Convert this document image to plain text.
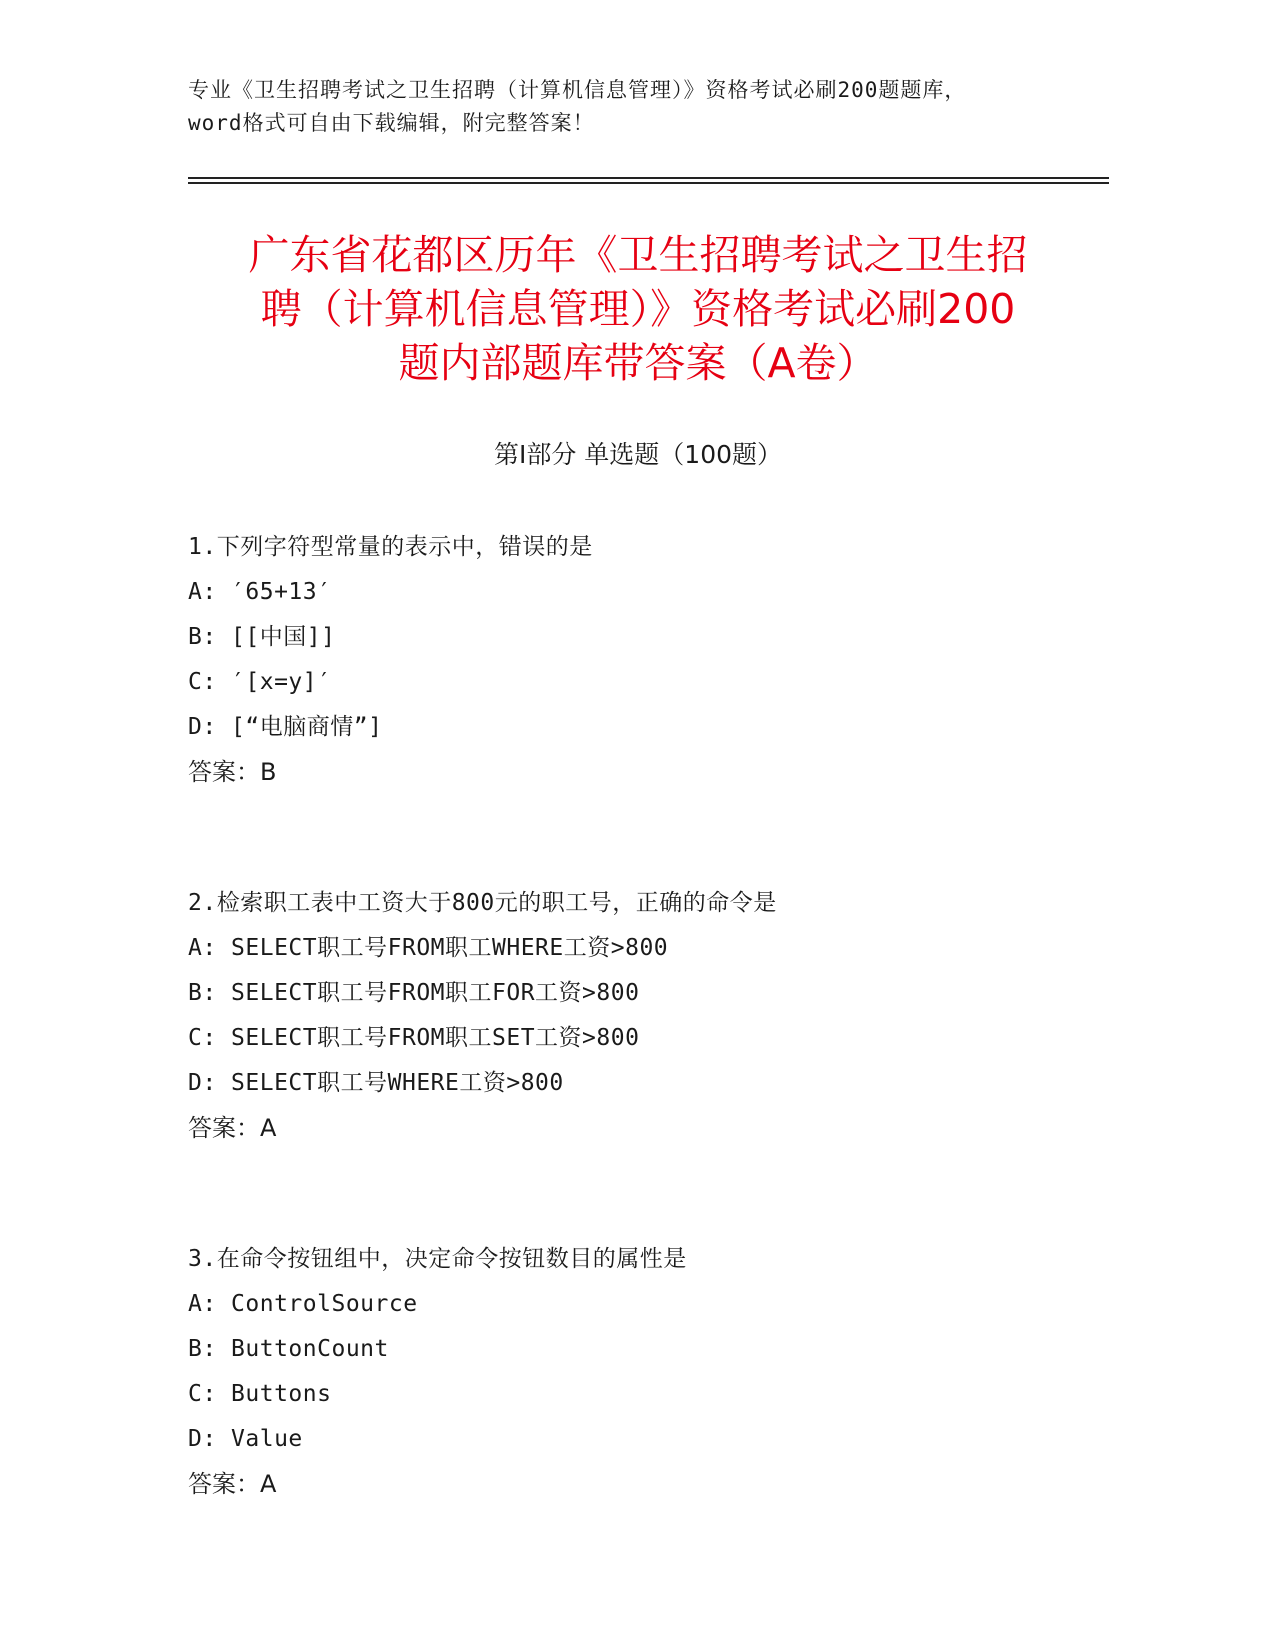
专业《卫生招聘考试之卫生招聘（计算机信息管理）》资格考试必刷200题题库，
word格式可自由下载编辑，附完整答案！
广东省花都区历年《卫生招聘考试之卫生招
聘（计算机信息管理）》资格考试必刷200
题内部题库带答案（A卷）
第I部分 单选题（100题）
1.下列字符型常量的表示中，错误的是
A: ′65+13′
B: [[中国]]
C: ′[x=y]′
D: [“电脑商情”]
答案：B
2.检索职工表中工资大于800元的职工号，正确的命令是
A: SELECT职工号FROM职工WHERE工资>800
B: SELECT职工号FROM职工FOR工资>800
C: SELECT职工号FROM职工SET工资>800
D: SELECT职工号WHERE工资>800
答案：A
3.在命令按钮组中，决定命令按钮数目的属性是
A: ControlSource
B: ButtonCount
C: Buttons
D: Value
答案：A
